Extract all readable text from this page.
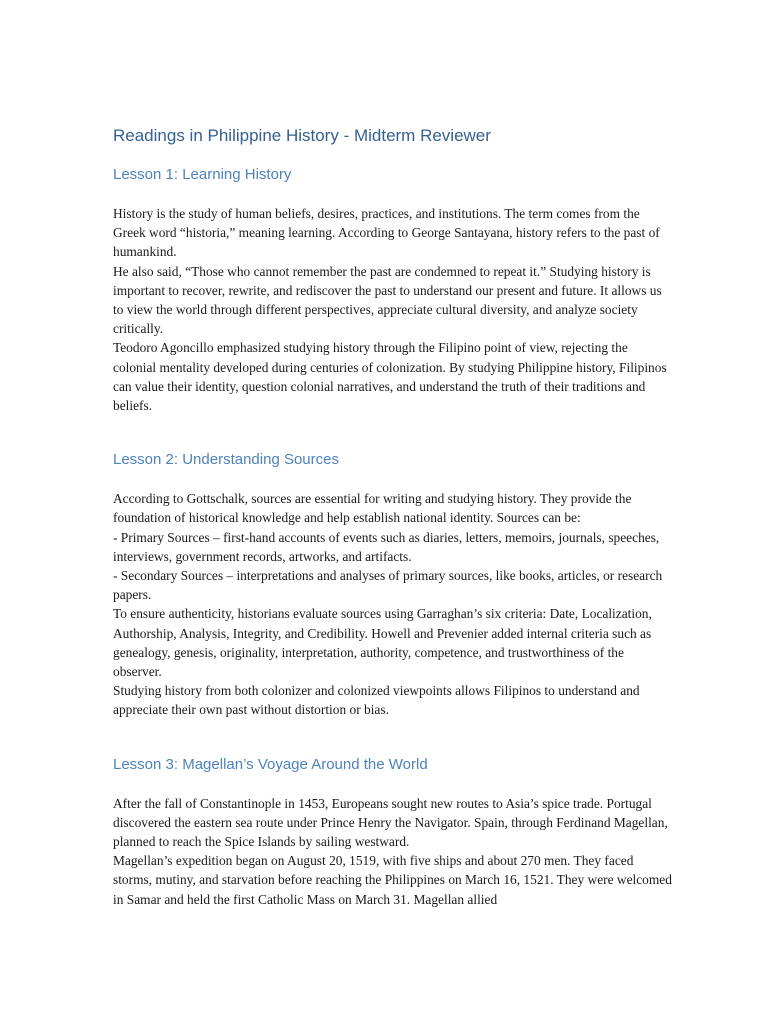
Readings in Philippine History - Midterm Reviewer
Lesson 1: Learning History

History is the study of human beliefs, desires, practices, and institutions. The term comes from the Greek word “historia,” meaning learning. According to George Santayana, history refers to the past of humankind.

He also said, “Those who cannot remember the past are condemned to repeat it.” Studying history is important to recover, rewrite, and rediscover the past to understand our present and future. It allows us to view the world through different perspectives, appreciate cultural diversity, and analyze society critically.

Teodoro Agoncillo emphasized studying history through the Filipino point of view, rejecting the colonial mentality developed during centuries of colonization. By studying Philippine history, Filipinos can value their identity, question colonial narratives, and understand the truth of their traditions and beliefs.

Lesson 2: Understanding Sources

According to Gottschalk, sources are essential for writing and studying history. They provide the foundation of historical knowledge and help establish national identity. Sources can be:

- Primary Sources – first-hand accounts of events such as diaries, letters, memoirs, journals, speeches, interviews, government records, artworks, and artifacts.

- Secondary Sources – interpretations and analyses of primary sources, like books, articles, or research papers.

To ensure authenticity, historians evaluate sources using Garraghan’s six criteria: Date, Localization, Authorship, Analysis, Integrity, and Credibility. Howell and Prevenier added internal criteria such as genealogy, genesis, originality, interpretation, authority, competence, and trustworthiness of the observer.

Studying history from both colonizer and colonized viewpoints allows Filipinos to understand and appreciate their own past without distortion or bias.

Lesson 3: Magellan’s Voyage Around the World

After the fall of Constantinople in 1453, Europeans sought new routes to Asia’s spice trade. Portugal discovered the eastern sea route under Prince Henry the Navigator. Spain, through Ferdinand Magellan, planned to reach the Spice Islands by sailing westward.

Magellan’s expedition began on August 20, 1519, with five ships and about 270 men. They faced storms, mutiny, and starvation before reaching the Philippines on March 16, 1521. They were welcomed in Samar and held the first Catholic Mass on March 31. Magellan allied
